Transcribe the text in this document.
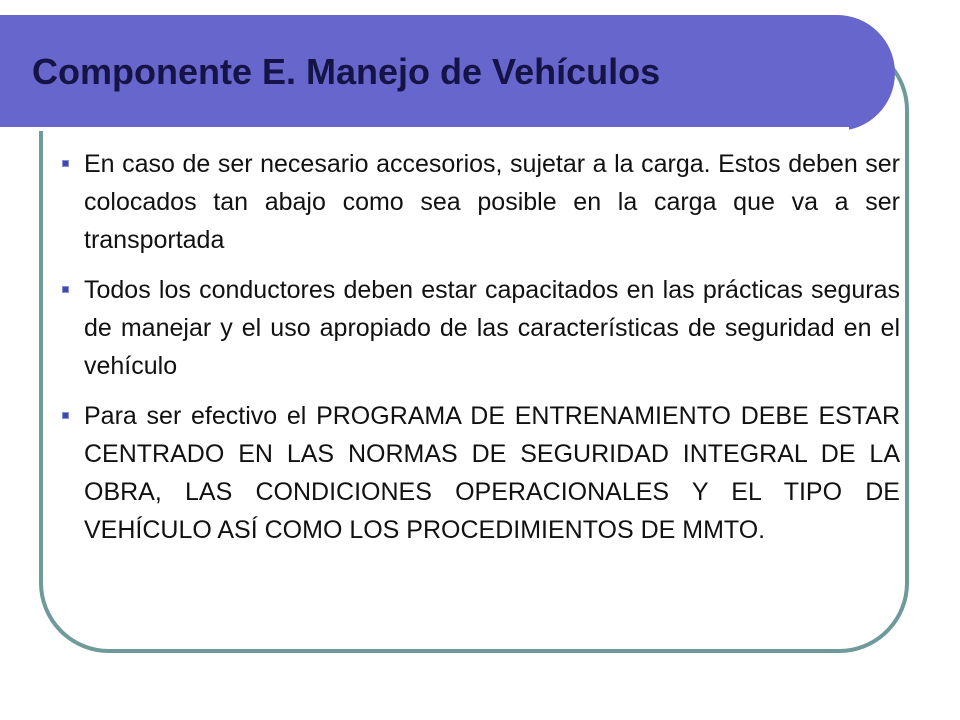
Componente E. Manejo de Vehículos
En caso de ser necesario accesorios, sujetar a la carga. Estos deben ser colocados tan abajo como sea posible en la carga que va a ser transportada
Todos los conductores deben estar capacitados en las prácticas seguras de manejar y el uso apropiado de las características de seguridad en el vehículo
Para ser efectivo el PROGRAMA DE ENTRENAMIENTO DEBE ESTAR CENTRADO EN LAS NORMAS DE SEGURIDAD INTEGRAL DE LA OBRA, LAS CONDICIONES OPERACIONALES Y EL TIPO DE VEHÍCULO ASÍ COMO LOS PROCEDIMIENTOS DE MMTO.
